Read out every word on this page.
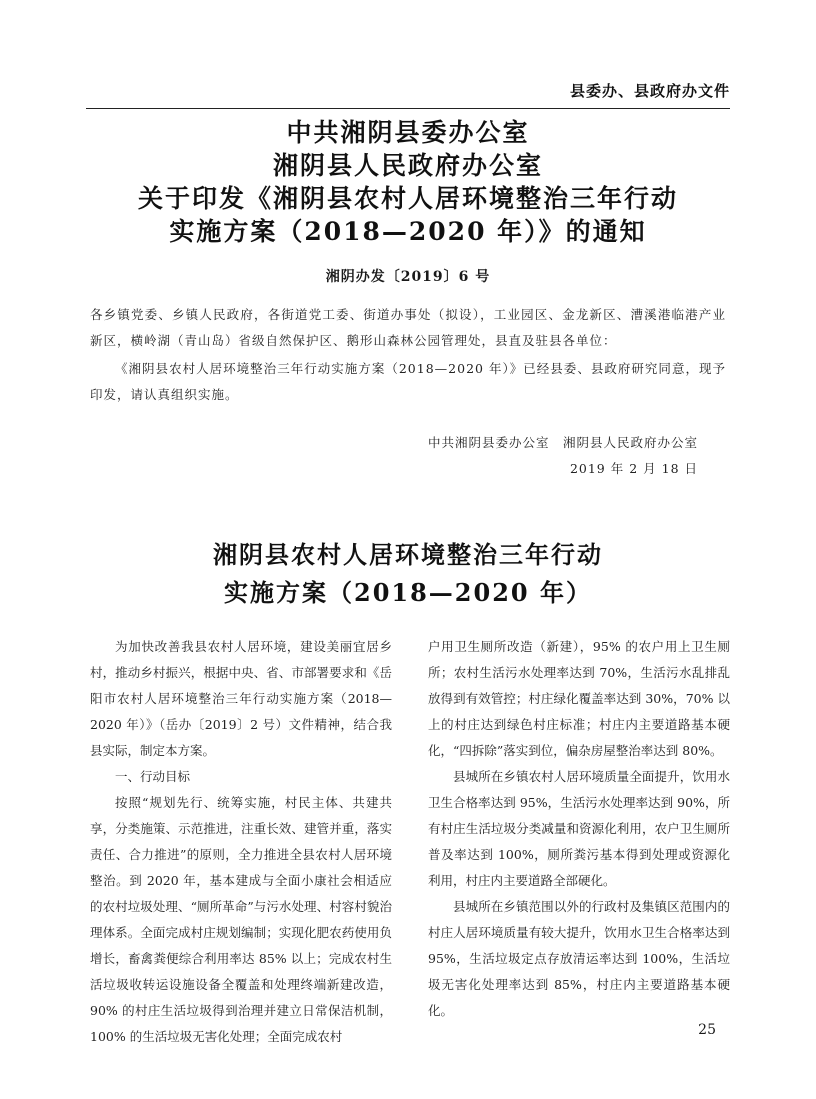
县委办、县政府办文件
中共湘阴县委办公室
湘阴县人民政府办公室
关于印发《湘阴县农村人居环境整治三年行动
实施方案（2018—2020 年）》的通知
湘阴办发〔2019〕6 号
各乡镇党委、乡镇人民政府，各街道党工委、街道办事处（拟设），工业园区、金龙新区、漕溪港临港产业新区，横岭湖（青山岛）省级自然保护区、鹅形山森林公园管理处，县直及驻县各单位：
《湘阴县农村人居环境整治三年行动实施方案（2018—2020 年）》已经县委、县政府研究同意，现予印发，请认真组织实施。
中共湘阴县委办公室　湘阴县人民政府办公室
2019 年 2 月 18 日
湘阴县农村人居环境整治三年行动
实施方案（2018—2020 年）

为加快改善我县农村人居环境，建设美丽宜居乡村，推动乡村振兴，根据中央、省、市部署要求和《岳阳市农村人居环境整治三年行动实施方案（2018—2020 年）》（岳办〔2019〕2 号）文件精神，结合我县实际，制定本方案。

一、行动目标

按照“规划先行、统筹实施，村民主体、共建共享，分类施策、示范推进，注重长效、建管并重，落实责任、合力推进”的原则，全力推进全县农村人居环境整治。到 2020 年，基本建成与全面小康社会相适应的农村垃圾处理、“厕所革命”与污水处理、村容村貌治理体系。全面完成村庄规划编制；实现化肥农药使用负增长，畜禽粪便综合利用率达 85% 以上；完成农村生活垃圾收转运设施设备全覆盖和处理终端新建改造，90% 的村庄生活垃圾得到治理并建立日常保洁机制，100% 的生活垃圾无害化处理；全面完成农村

户用卫生厕所改造（新建），95% 的农户用上卫生厕所；农村生活污水处理率达到 70%，生活污水乱排乱放得到有效管控；村庄绿化覆盖率达到 30%，70% 以上的村庄达到绿色村庄标准；村庄内主要道路基本硬化，“四拆除”落实到位，偏杂房屋整治率达到 80%。

县城所在乡镇农村人居环境质量全面提升，饮用水卫生合格率达到 95%，生活污水处理率达到 90%，所有村庄生活垃圾分类减量和资源化利用，农户卫生厕所普及率达到 100%，厕所粪污基本得到处理或资源化利用，村庄内主要道路全部硬化。

县城所在乡镇范围以外的行政村及集镇区范围内的村庄人居环境质量有较大提升，饮用水卫生合格率达到 95%，生活垃圾定点存放清运率达到 100%，生活垃圾无害化处理率达到 85%，村庄内主要道路基本硬化。

25
